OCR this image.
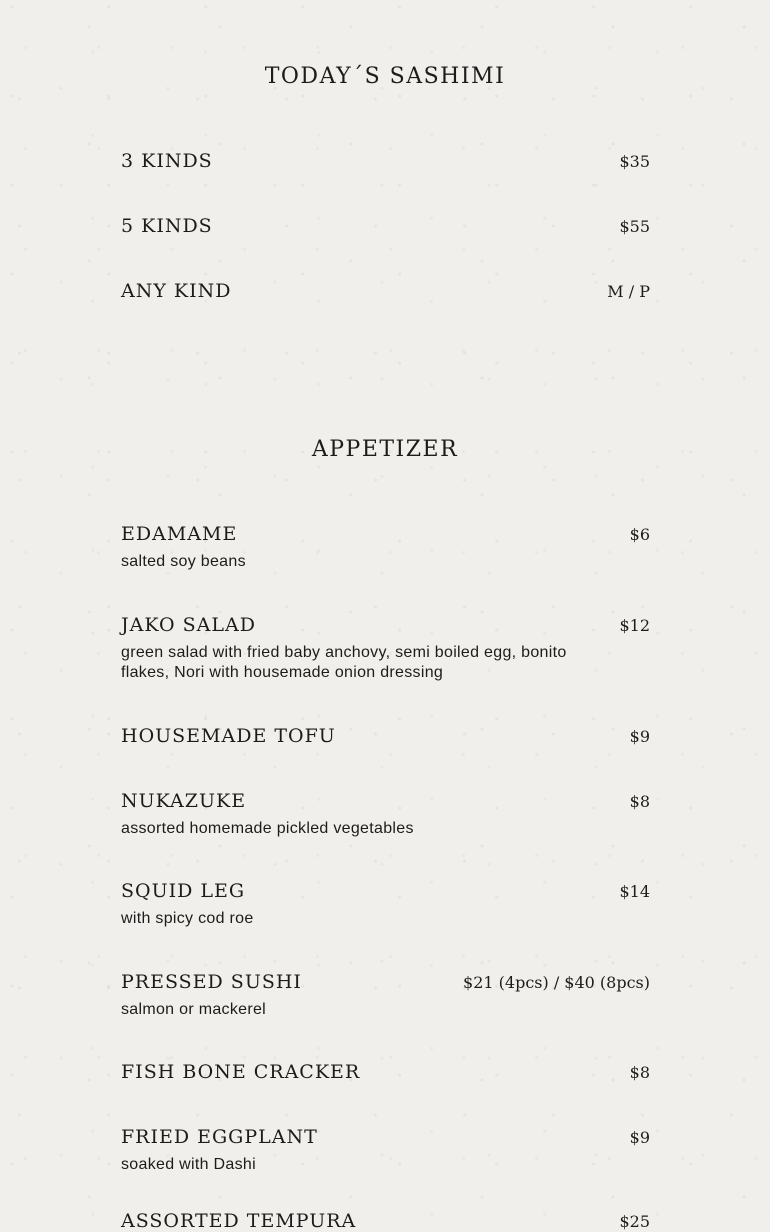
TODAY´S SASHIMI
3 KINDS	$35
5 KINDS	$55
ANY KIND	M / P
APPETIZER
EDAMAME	$6
salted soy beans
JAKO SALAD	$12
green salad with fried baby anchovy, semi boiled egg, bonito flakes, Nori with housemade onion dressing
HOUSEMADE TOFU	$9
NUKAZUKE	$8
assorted homemade pickled vegetables
SQUID LEG	$14
with spicy cod roe
PRESSED SUSHI	$21 (4pcs) / $40 (8pcs)
salmon or mackerel
FISH BONE CRACKER	$8
FRIED EGGPLANT	$9
soaked with Dashi
ASSORTED TEMPURA	$25
